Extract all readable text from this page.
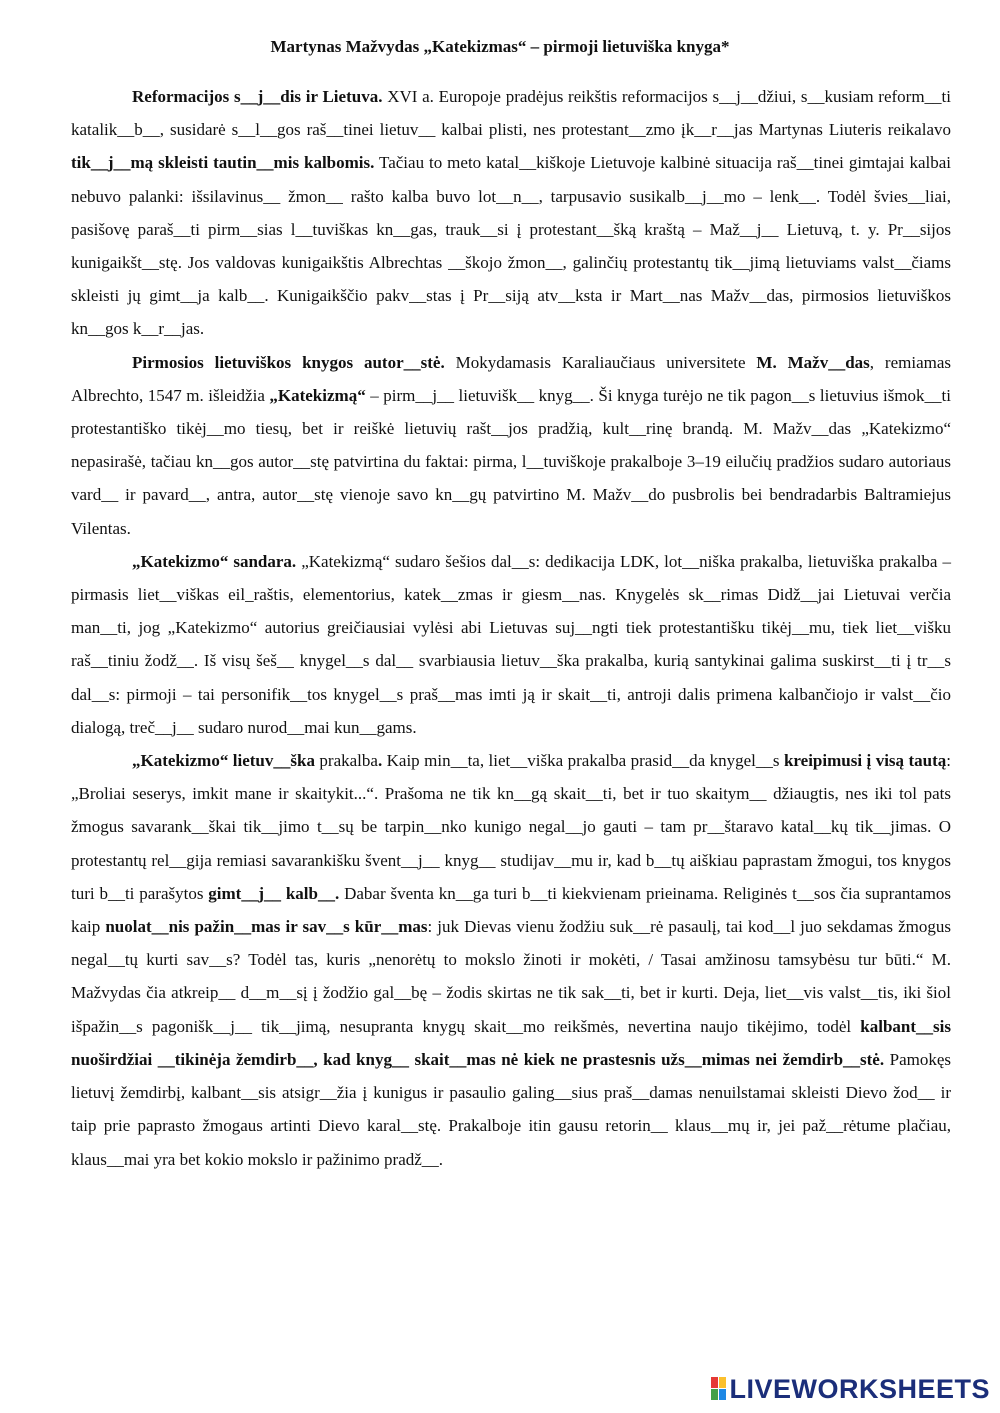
Martynas Mažvydas „Katekizmas“ – pirmoji lietuviška knyga*

Reformacijos s__j__dis ir Lietuva. XVI a. Europoje pradėjus reikštis reformacijos s__j__džiui, s__kusiam reform__ti katalik__b__, susidarė s__l__gos raš__tinei lietuv__ kalbai plisti, nes protestant__zmo įk__r__jas Martynas Liuteris reikalavo tik__j__mą skleisti tautin__mis kalbomis. Tačiau to meto katal__kiškoje Lietuvoje kalbinė situacija raš__tinei gimtajai kalbai nebuvo palanki: išsilavinus__ žmon__ rašto kalba buvo lot__n__, tarpusavio susikalb__j__mo – lenk__. Todėl švies__liai, pasišovę paraš__ti pirm__sias l__tuviškas kn__gas, trauk__si į protestant__šką kraštą – Maž__j__ Lietuvą, t. y. Pr__sijos kunigaikšt__stę. Jos valdovas kunigaikštis Albrechtas __škojo žmon__, galinčių protestantų tik__jimą lietuviams valst__čiams skleisti jų gimt__ja kalb__. Kunigaikščio pakv__stas į Pr__siją atv__ksta ir Mart__nas Mažv__das, pirmosios lietuviškos kn__gos k__r__jas.

Pirmosios lietuviškos knygos autor__stė. Mokydamasis Karaliaučiaus universitete M. Mažv__das, remiamas Albrechto, 1547 m. išleidžia „Katekizmą“ – pirm__j__ lietuvišk__ knyg__. Ši knyga turėjo ne tik pagon__s lietuvius išmok__ti protestantiško tikėj__mo tiesų, bet ir reiškė lietuvių rašt__jos pradžią, kult__rinę brandą. M. Mažv__das „Katekizmo“ nepasirašė, tačiau kn__gos autor__stę patvirtina du faktai: pirma, l__tuviškoje prakalboje 3–19 eilučių pradžios sudaro autoriaus vard__ ir pavard__, antra, autor__stę vienoje savo kn__gų patvirtino M. Mažv__do pusbrolis bei bendradarbis Baltramiejus Vilentas.

„Katekizmo“ sandara. „Katekizmą“ sudaro šešios dal__s: dedikacija LDK, lot__niška prakalba, lietuviška prakalba – pirmasis liet__viškas eil_raštis, elementorius, katek__zmas ir giesm__nas. Knygelės sk__rimas Didž__jai Lietuvai verčia man__ti, jog „Katekizmo“ autorius greičiausiai vylėsi abi Lietuvas suj__ngti tiek protestantišku tikėj__mu, tiek liet__višku raš__tiniu žodž__. Iš visų šeš__ knygel__s dal__ svarbiausia lietuv__ška prakalba, kurią santykinai galima suskirst__ti į tr__s dal__s: pirmoji – tai personifik__tos knygel__s praš__mas imti ją ir skait__ti, antroji dalis primena kalbančiojo ir valst__čio dialogą, treč__j__ sudaro nurod__mai kun__gams.

„Katekizmo“ lietuv__ška prakalba. Kaip min__ta, liet__viška prakalba prasid__da knygel__s kreipimusi į visą tautą: „Broliai seserys, imkit mane ir skaitykit...“. Prašoma ne tik kn__gą skait__ti, bet ir tuo skaitym__ džiaugtis, nes iki tol pats žmogus savarank__škai tik__jimo t__sų be tarpin__nko kunigo negal__jo gauti – tam pr__štaravo katal__kų tik__jimas. O protestantų rel__gija remiasi savarankišku švent__j__ knyg__ studijav__mu ir, kad b__tų aiškiau paprastam žmogui, tos knygos turi b__ti parašytos gimt__j__ kalb__. Dabar šventa kn__ga turi b__ti kiekvienam prieinama. Religinės t__sos čia suprantamos kaip nuolat__nis pažin__mas ir sav__s kūr__mas: juk Dievas vienu žodžiu suk__rė pasaulį, tai kod__l juo sekdamas žmogus negal__tų kurti sav__s? Todėl tas, kuris „nenorėtų to mokslo žinoti ir mokėti, / Tasai amžinosu tamsybėsu tur būti.“ M. Mažvydas čia atkreip__ d__m__sį į žodžio gal__bę – žodis skirtas ne tik sak__ti, bet ir kurti. Deja, liet__vis valst__tis, iki šiol išpažin__s pagonišk__j__ tik__jimą, nesupranta knygų skait__mo reikšmės, nevertina naujo tikėjimo, todėl kalbant__sis nuoširdžiai __tikinėja žemdirb__, kad knyg__ skait__mas nė kiek ne prastesnis užs__mimas nei žemdirb__stė. Pamokęs lietuvį žemdirbį, kalbant__sis atsigr__žia į kunigus ir pasaulio galing__sius praš__damas nenuilstamai skleisti Dievo žod__ ir taip prie paprasto žmogaus artinti Dievo karal__stę. Prakalboje itin gausu retorin__ klaus__mų ir, jei paž__rėtume plačiau, klaus__mai yra bet kokio mokslo ir pažinimo pradž__.

LIVEWORKSHEETS
